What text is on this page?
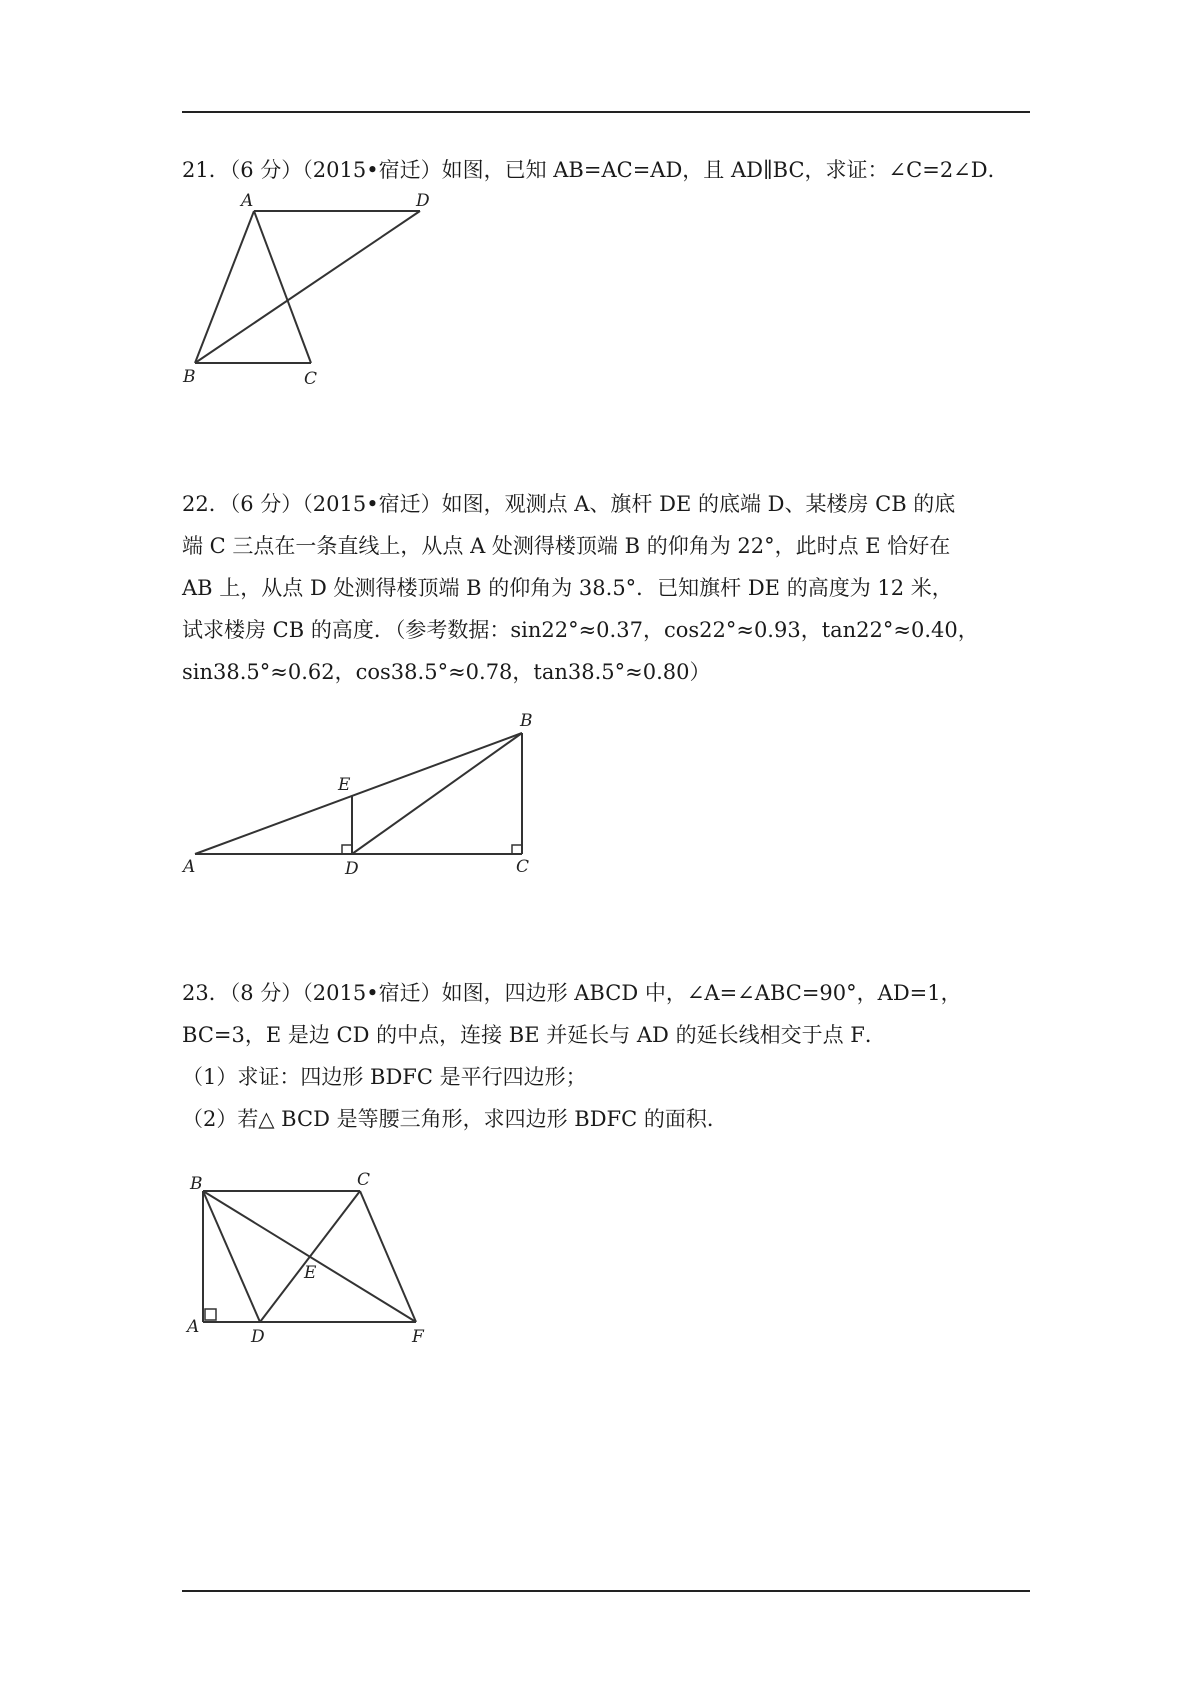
21．（6 分）（2015•宿迁）如图，已知 AB=AC=AD，且 AD∥BC，求证：∠C=2∠D．

A	D
B	C

22．（6 分）（2015•宿迁）如图，观测点 A、旗杆 DE 的底端 D、某楼房 CB 的底

端 C 三点在一条直线上，从点 A 处测得楼顶端 B 的仰角为 22°，此时点 E 恰好在

AB 上，从点 D 处测得楼顶端 B 的仰角为 38.5°．已知旗杆 DE 的高度为 12 米，

试求楼房 CB 的高度．（参考数据：sin22°≈0.37，cos22°≈0.93，tan22°≈0.40，

sin38.5°≈0.62，cos38.5°≈0.78，tan38.5°≈0.80）

B
E
A	D	C

23．（8 分）（2015•宿迁）如图，四边形 ABCD 中，∠A=∠ABC=90°，AD=1，

BC=3，E 是边 CD 的中点，连接 BE 并延长与 AD 的延长线相交于点 F．

（1）求证：四边形 BDFC 是平行四边形；

（2）若△ BCD 是等腰三角形，求四边形 BDFC 的面积．

B	C
E
A	D	F
